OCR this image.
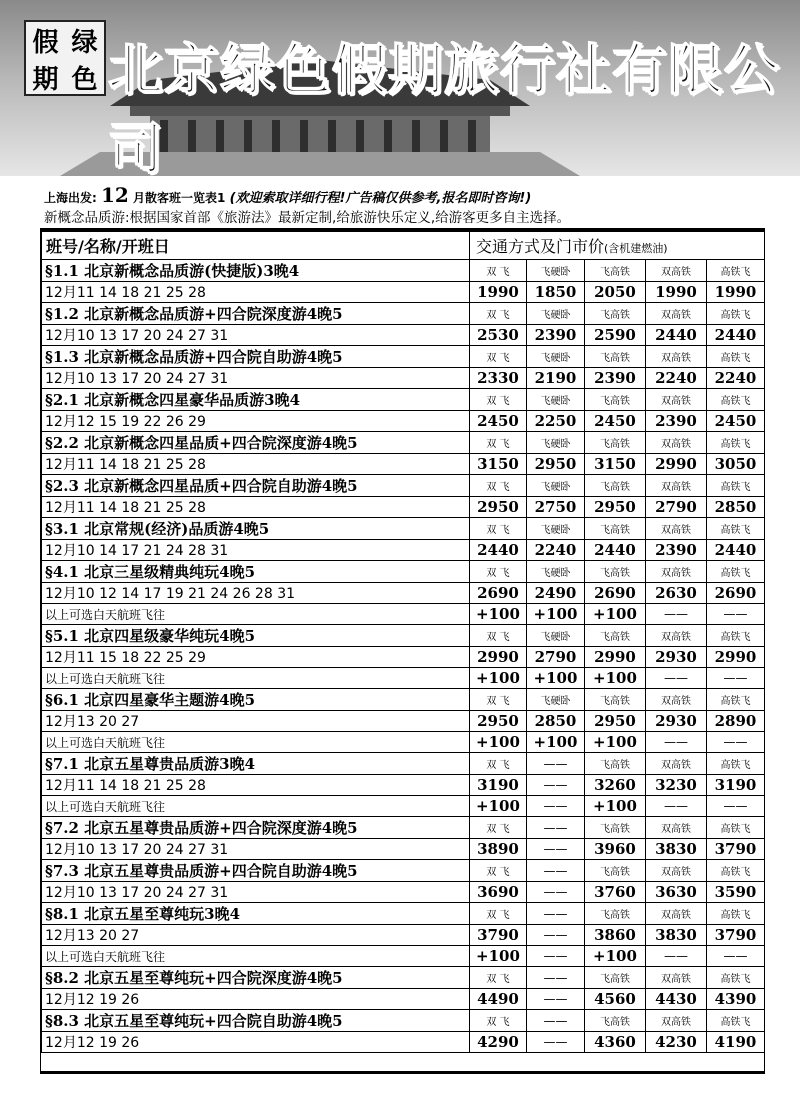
假 绿
期 色 北京绿色假期旅行社有限公司
上海出发: 12 月散客班一览表1 (欢迎索取详细行程!广告稿仅供参考,报名即时咨询!)
新概念品质游:根据国家首部《旅游法》最新定制,给旅游快乐定义,给游客更多自主选择。
班号/名称/开班日	交通方式及门市价(含机建燃油)				
§1.1 北京新概念品质游(快捷版)3晚4	双 飞	飞硬卧	飞高铁	双高铁	高铁飞
12月11 14 18 21 25 28	1990	1850	2050	1990	1990
§1.2 北京新概念品质游+四合院深度游4晚5	双 飞	飞硬卧	飞高铁	双高铁	高铁飞
12月10 13 17 20 24 27 31	2530	2390	2590	2440	2440
§1.3 北京新概念品质游+四合院自助游4晚5	双 飞	飞硬卧	飞高铁	双高铁	高铁飞
12月10 13 17 20 24 27 31	2330	2190	2390	2240	2240
§2.1 北京新概念四星豪华品质游3晚4	双 飞	飞硬卧	飞高铁	双高铁	高铁飞
12月12 15 19 22 26 29	2450	2250	2450	2390	2450
§2.2 北京新概念四星品质+四合院深度游4晚5	双 飞	飞硬卧	飞高铁	双高铁	高铁飞
12月11 14 18 21 25 28	3150	2950	3150	2990	3050
§2.3 北京新概念四星品质+四合院自助游4晚5	双 飞	飞硬卧	飞高铁	双高铁	高铁飞
12月11 14 18 21 25 28	2950	2750	2950	2790	2850
§3.1 北京常规(经济)品质游4晚5	双 飞	飞硬卧	飞高铁	双高铁	高铁飞
12月10 14 17 21 24 28 31	2440	2240	2440	2390	2440
§4.1 北京三星级精典纯玩4晚5	双 飞	飞硬卧	飞高铁	双高铁	高铁飞
12月10 12 14 17 19 21 24 26 28 31	2690	2490	2690	2630	2690
以上可选白天航班飞往	+100	+100	+100	——	——
§5.1 北京四星级豪华纯玩4晚5	双 飞	飞硬卧	飞高铁	双高铁	高铁飞
12月11 15 18 22 25 29	2990	2790	2990	2930	2990
以上可选白天航班飞往	+100	+100	+100	——	——
§6.1 北京四星豪华主题游4晚5	双 飞	飞硬卧	飞高铁	双高铁	高铁飞
12月13 20 27	2950	2850	2950	2930	2890
以上可选白天航班飞往	+100	+100	+100	——	——
§7.1 北京五星尊贵品质游3晚4	双 飞	——	飞高铁	双高铁	高铁飞
12月11 14 18 21 25 28	3190	——	3260	3230	3190
以上可选白天航班飞往	+100	——	+100	——	——
§7.2 北京五星尊贵品质游+四合院深度游4晚5	双 飞	——	飞高铁	双高铁	高铁飞
12月10 13 17 20 24 27 31	3890	——	3960	3830	3790
§7.3 北京五星尊贵品质游+四合院自助游4晚5	双 飞	——	飞高铁	双高铁	高铁飞
12月10 13 17 20 24 27 31	3690	——	3760	3630	3590
§8.1 北京五星至尊纯玩3晚4	双 飞	——	飞高铁	双高铁	高铁飞
12月13 20 27	3790	——	3860	3830	3790
以上可选白天航班飞往	+100	——	+100	——	——
§8.2 北京五星至尊纯玩+四合院深度游4晚5	双 飞	——	飞高铁	双高铁	高铁飞
12月12 19 26	4490	——	4560	4430	4390
§8.3 北京五星至尊纯玩+四合院自助游4晚5	双 飞	——	飞高铁	双高铁	高铁飞
12月12 19 26	4290	——	4360	4230	4190
